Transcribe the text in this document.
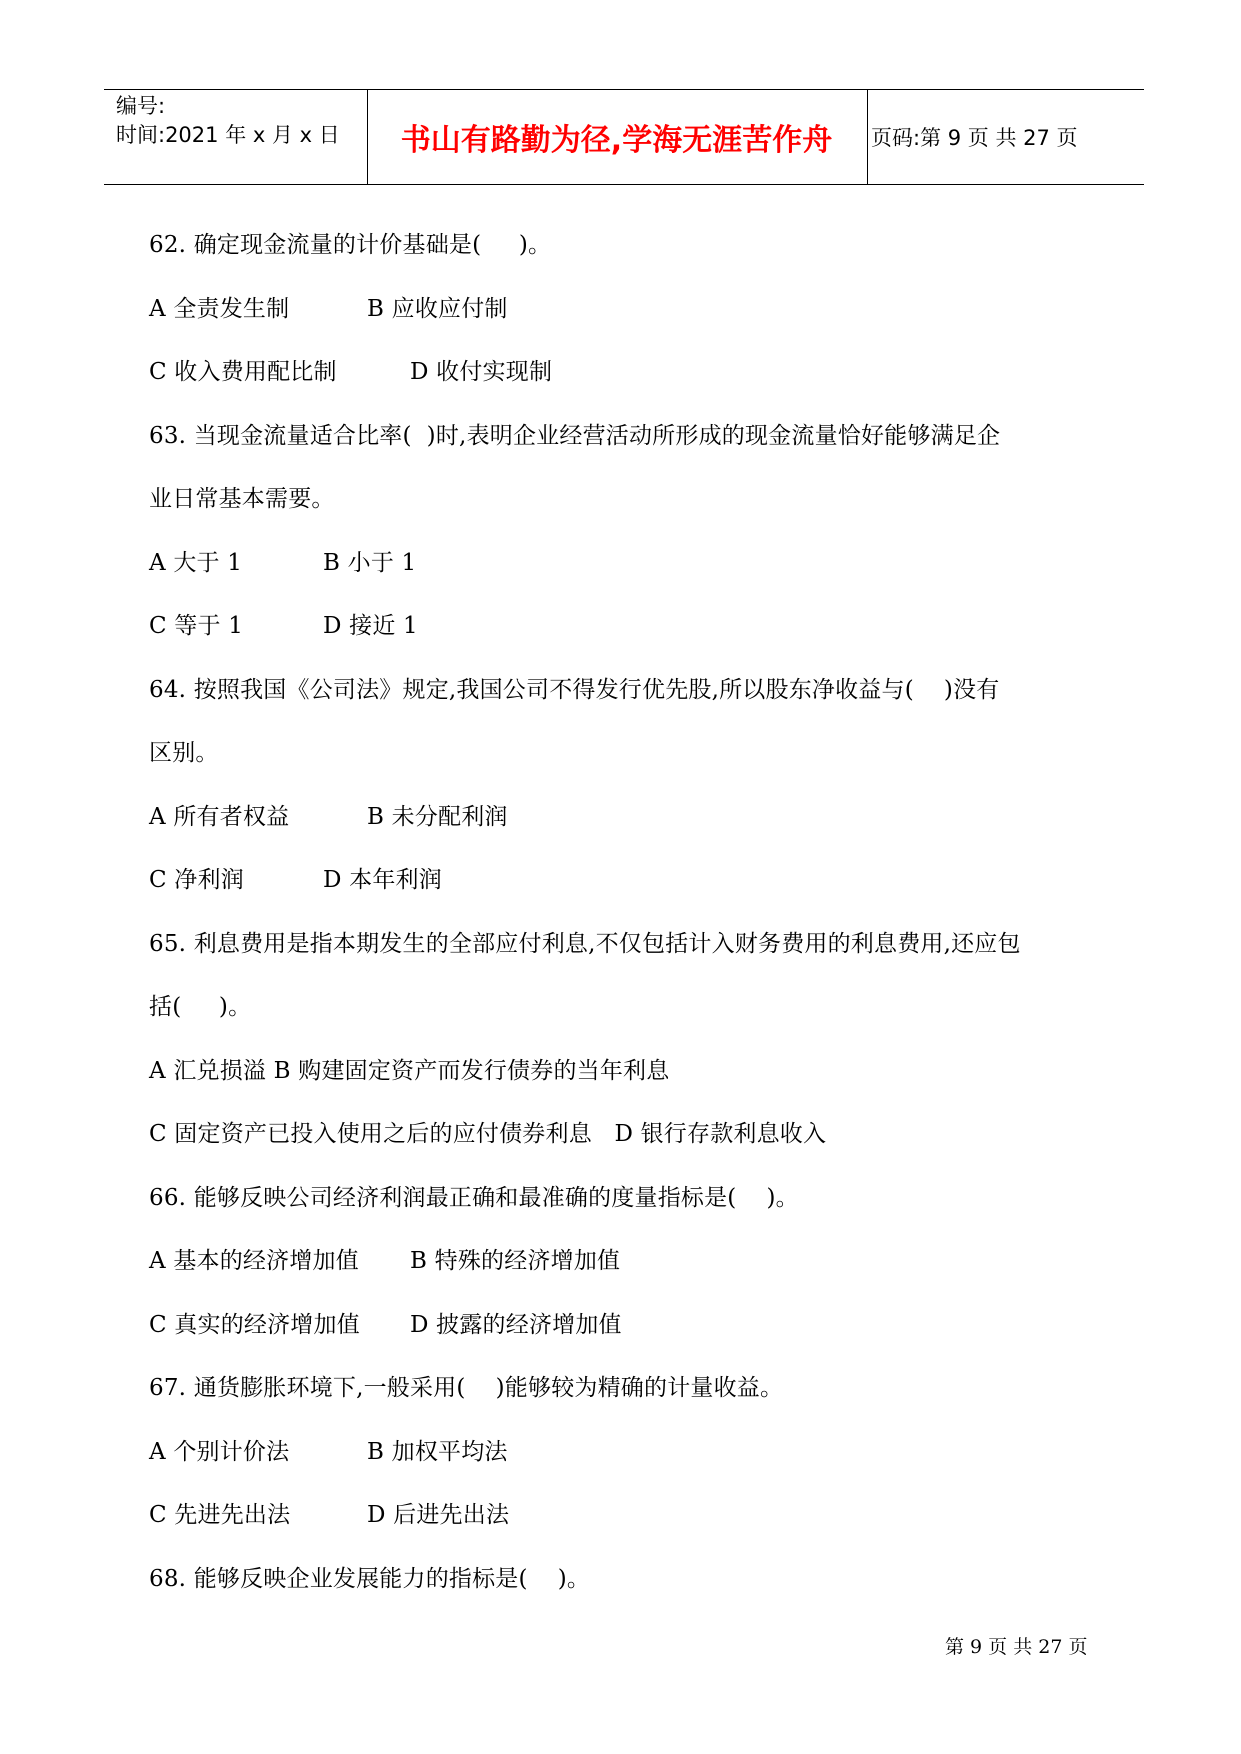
编号:
时间:2021 年 x 月 x 日	书山有路勤为径,学海无涯苦作舟	页码:第 9 页 共 27 页
62. 确定现金流量的计价基础是(     )。
A 全责发生制	B 应收应付制
C 收入费用配比制	D 收付实现制
63. 当现金流量适合比率(  )时,表明企业经营活动所形成的现金流量恰好能够满足企
业日常基本需要。
A 大于 1	B 小于 1
C 等于 1	D 接近 1
64. 按照我国《公司法》规定,我国公司不得发行优先股,所以股东净收益与(    )没有
区别。
A 所有者权益	B 未分配利润
C 净利润	D 本年利润
65. 利息费用是指本期发生的全部应付利息,不仅包括计入财务费用的利息费用,还应包
括(     )。
A 汇兑损溢 B 购建固定资产而发行债券的当年利息
C 固定资产已投入使用之后的应付债券利息   D 银行存款利息收入
66. 能够反映公司经济利润最正确和最准确的度量指标是(    )。
A 基本的经济增加值 B 特殊的经济增加值
C 真实的经济增加值 D 披露的经济增加值
67. 通货膨胀环境下,一般采用(    )能够较为精确的计量收益。
A 个别计价法	B 加权平均法
C 先进先出法	D 后进先出法
68. 能够反映企业发展能力的指标是(    )。
第 9 页 共 27 页
